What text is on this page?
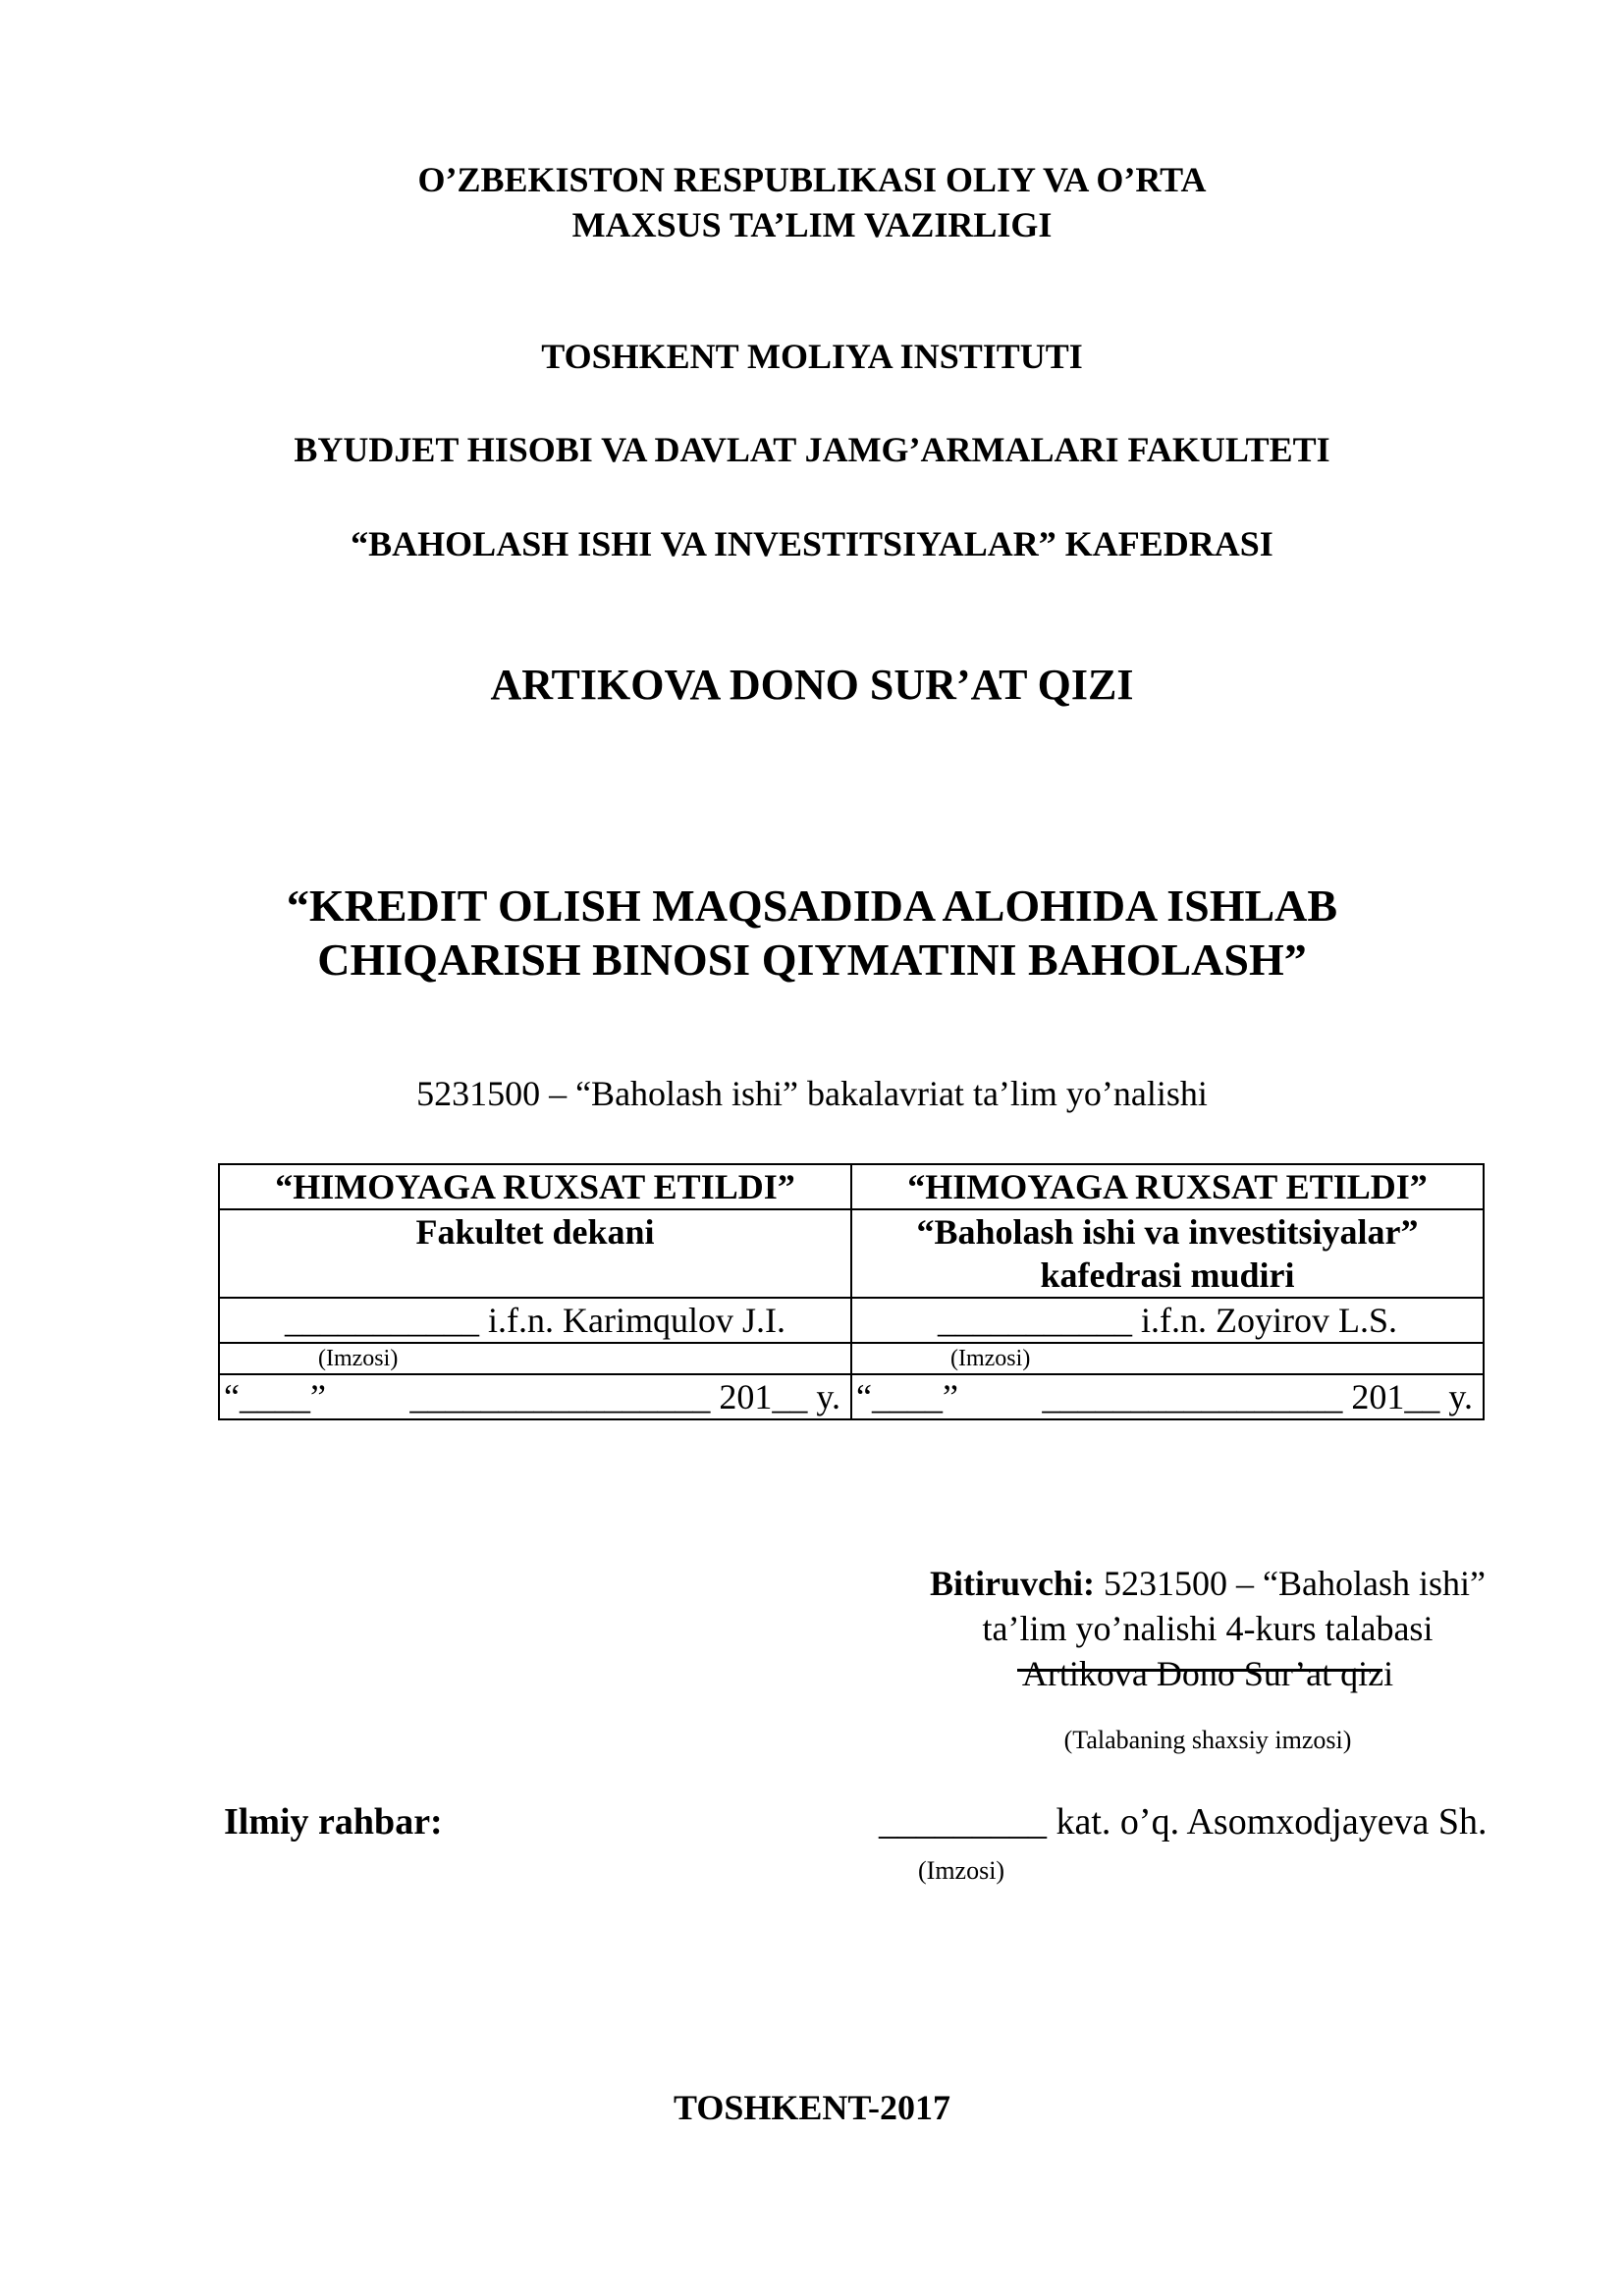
O’ZBEKISTON RESPUBLIKASI OLIY VA O’RTA
MAXSUS TA’LIM VAZIRLIGI
TOSHKENT MOLIYA INSTITUTI
BYUDJET HISOBI VA DAVLAT JAMG’ARMALARI FAKULTETI
“BAHOLASH ISHI VA INVESTITSIYALAR” KAFEDRASI
ARTIKOVA DONO SUR’AT QIZI
“KREDIT OLISH MAQSADIDA ALOHIDA ISHLAB
CHIQARISH BINOSI QIYMATINI BAHOLASH”
5231500 – “Baholash ishi” bakalavriat ta’lim yo’nalishi
“HIMOYAGA RUXSAT ETILDI”	“HIMOYAGA RUXSAT ETILDI”
Fakultet dekani	“Baholash ishi va investitsiyalar”
kafedrasi mudiri

___________ i.f.n. Karimqulov J.I.	___________ i.f.n. Zoyirov L.S.
(Imzosi)	(Imzosi)

“____” _________________ 201__ y.	“____” _________________ 201__ y.
Bitiruvchi: 5231500 – “Baholash ishi”
ta’lim yo’nalishi 4-kurs talabasi
Artikova Dono Sur’at qizi
(Talabaning shaxsiy imzosi)
Ilmiy rahbar:	_________ kat. o’q. Asomxodjayeva Sh.
(Imzosi)
TOSHKENT-2017
